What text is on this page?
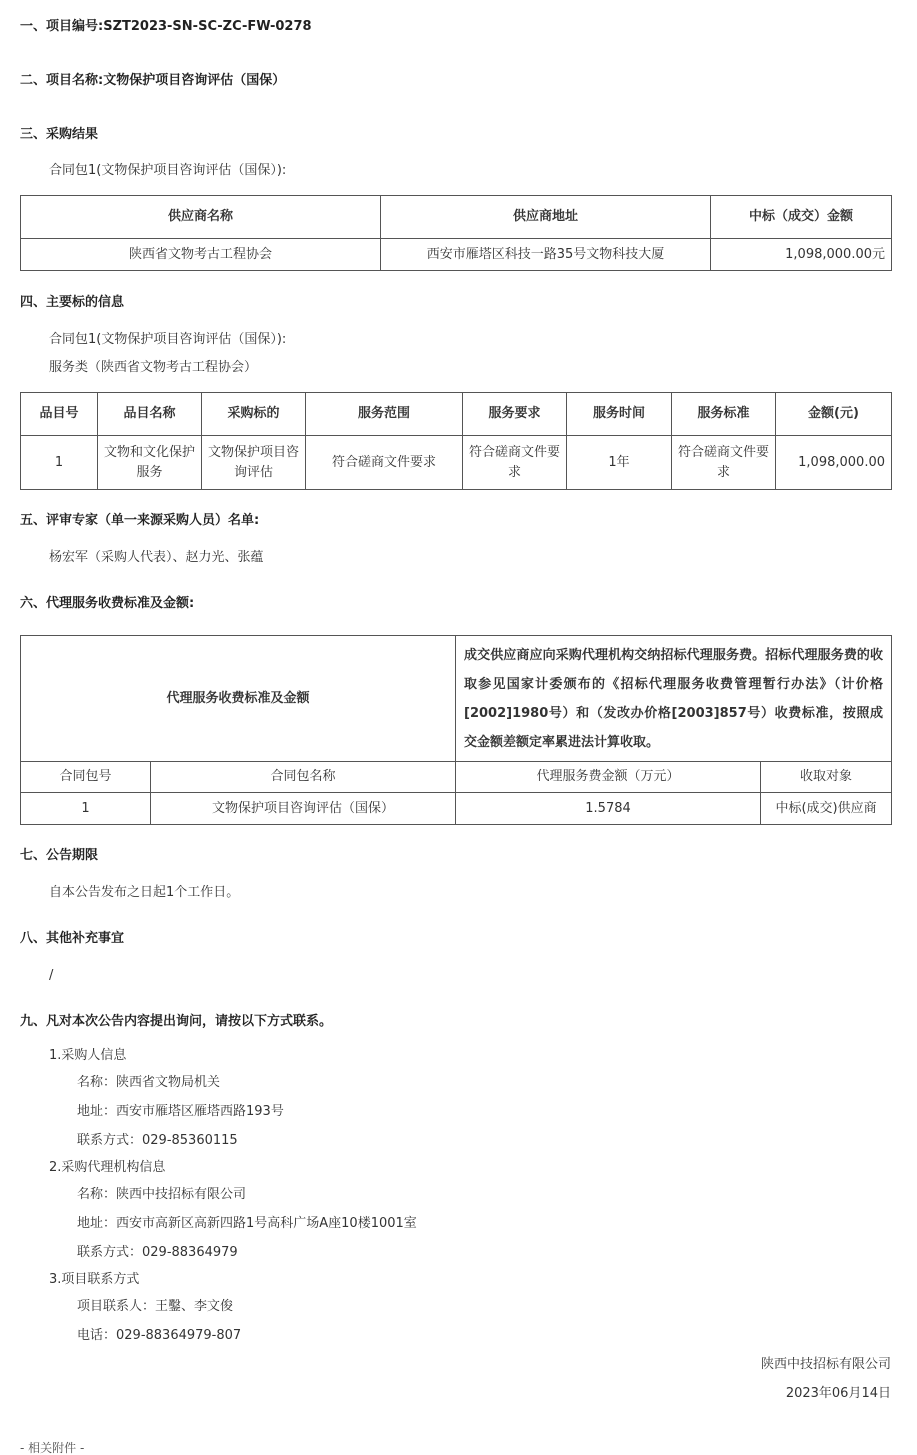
一、项目编号:SZT2023-SN-SC-ZC-FW-0278
二、项目名称:文物保护项目咨询评估（国保）
三、采购结果
合同包1(文物保护项目咨询评估（国保）):
供应商名称	供应商地址	中标（成交）金额
陕西省文物考古工程协会	西安市雁塔区科技一路35号文物科技大厦	1,098,000.00元
四、主要标的信息
合同包1(文物保护项目咨询评估（国保）):
服务类（陕西省文物考古工程协会）
品目号	品目名称	采购标的	服务范围	服务要求	服务时间	服务标准	金额(元)
1	文物和文化保护服务	文物保护项目咨询评估	符合磋商文件要求	符合磋商文件要求	1年	符合磋商文件要求	1,098,000.00
五、评审专家（单一来源采购人员）名单:
杨宏军（采购人代表）、赵力光、张蕴
六、代理服务收费标准及金额:
代理服务收费标准及金额		成交供应商应向采购代理机构交纳招标代理服务费。招标代理服务费的收取参见国家计委颁布的《招标代理服务收费管理暂行办法》（计价格[2002]1980号）和（发改办价格[2003]857号）收费标准，按照成交金额差额定率累进法计算收取。	
合同包号	合同包名称	代理服务费金额（万元）	收取对象
1	文物保护项目咨询评估（国保）	1.5784	中标(成交)供应商
七、公告期限
自本公告发布之日起1个工作日。
八、其他补充事宜
/
九、凡对本次公告内容提出询问，请按以下方式联系。
1.采购人信息
名称：陕西省文物局机关
地址：西安市雁塔区雁塔西路193号
联系方式：029-85360115
2.采购代理机构信息
名称：陕西中技招标有限公司
地址：西安市高新区高新四路1号高科广场A座10楼1001室
联系方式：029-88364979
3.项目联系方式
项目联系人：王鑿、李文俊
电话：029-88364979-807
陕西中技招标有限公司
2023年06月14日
- 相关附件 -
